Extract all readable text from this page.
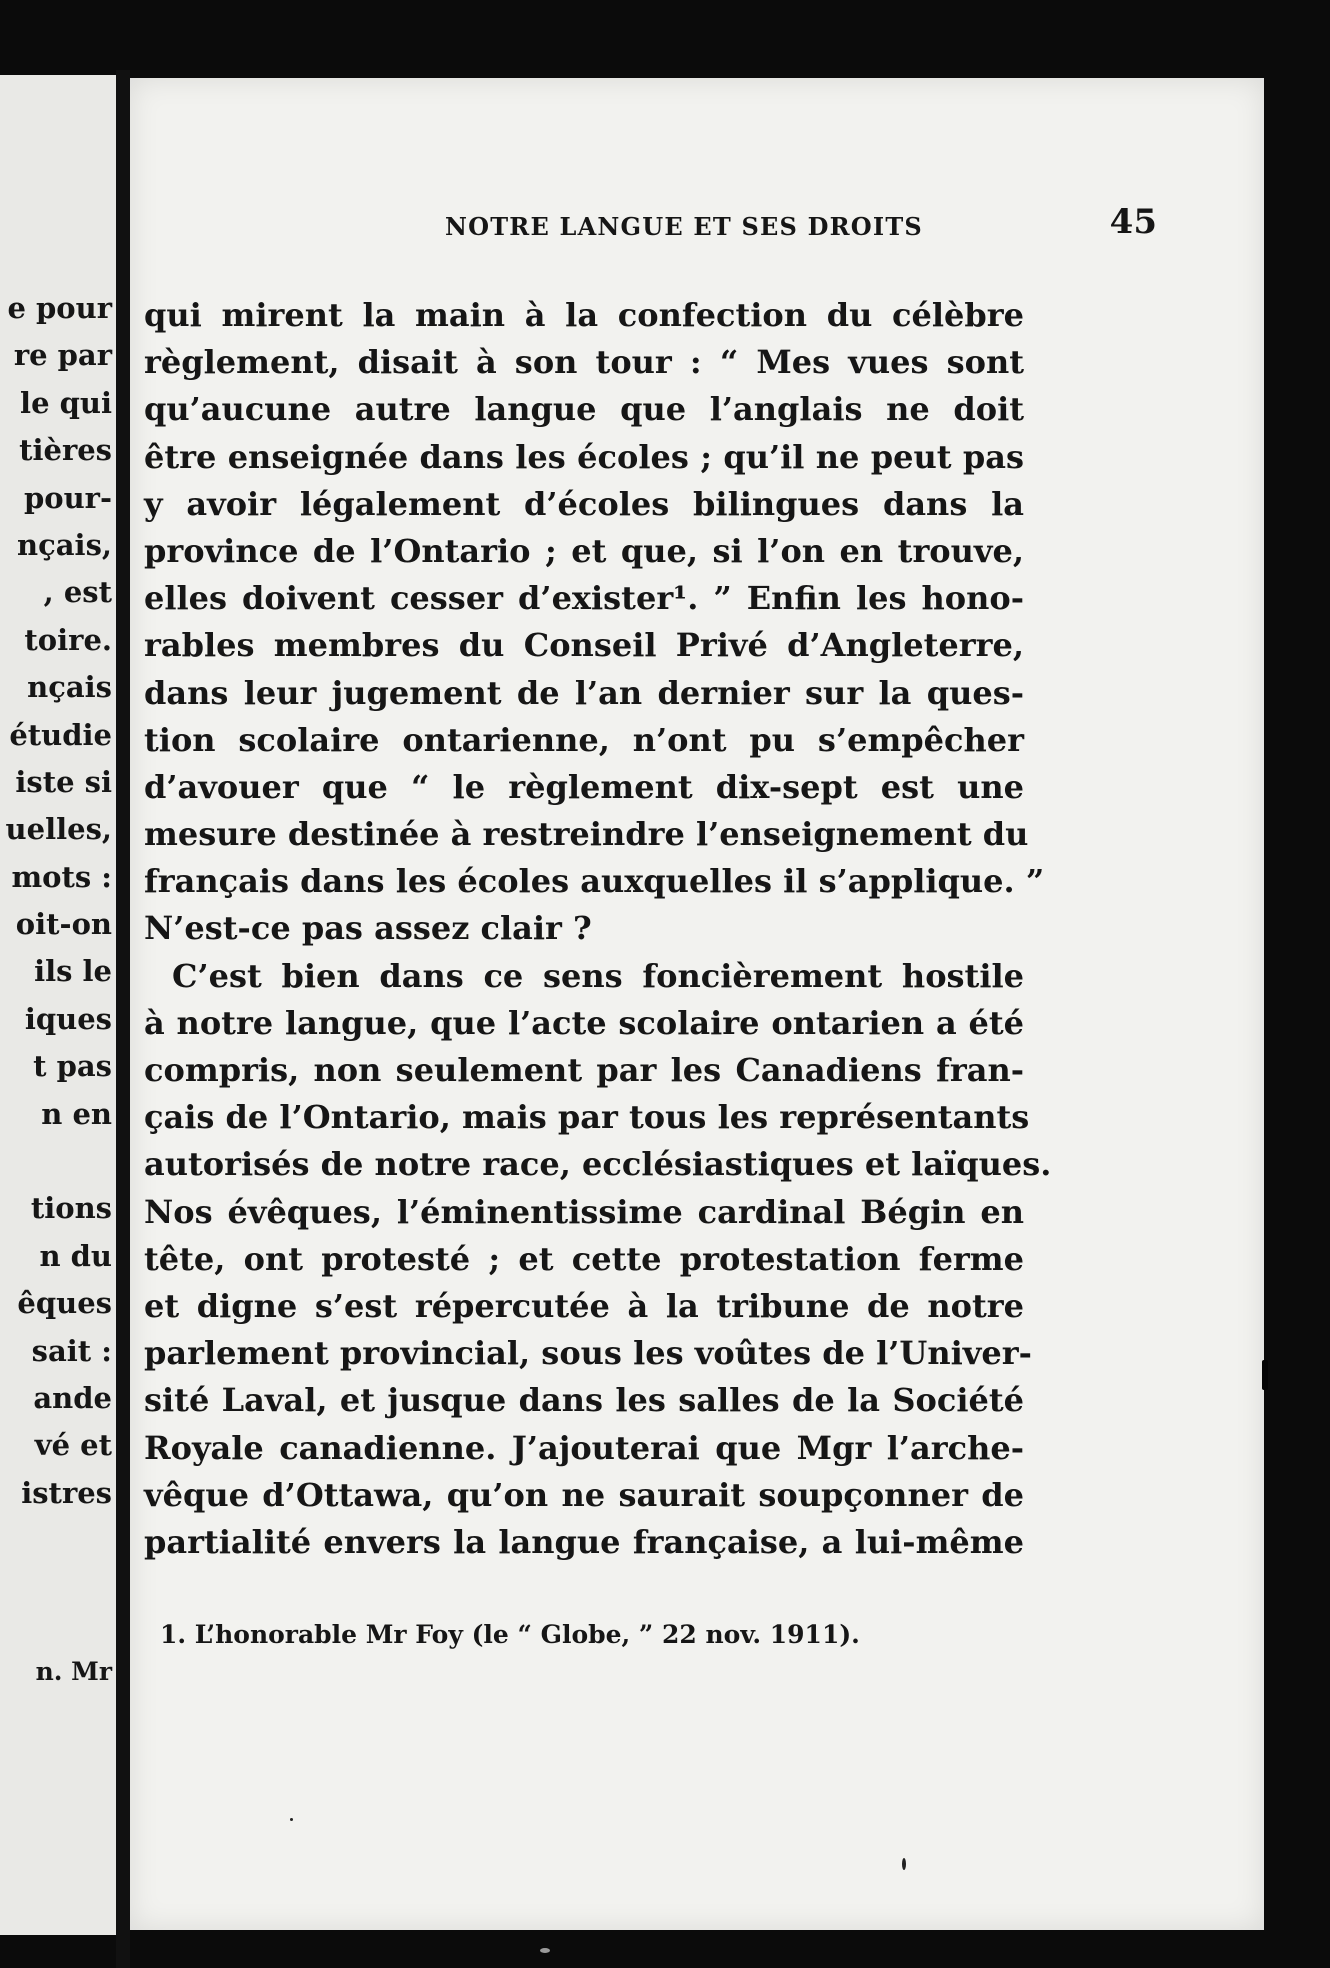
e pour
re par
le qui
tières
pour-
nçais,
, est
toire.
nçais
étudie
iste si
uelles,
mots :
oit-on
ils le
iques
t pas
n en
tions
n du
êques
sait :
ande
vé et
istres
n. Mr
NOTRE LANGUE ET SES DROITS	45
qui mirent la main à la confection du célèbre
règlement, disait à son tour : “ Mes vues sont
qu’aucune autre langue que l’anglais ne doit
être enseignée dans les écoles ; qu’il ne peut pas
y avoir légalement d’écoles bilingues dans la
province de l’Ontario ; et que, si l’on en trouve,
elles doivent cesser d’exister¹. ” Enfin les hono-
rables membres du Conseil Privé d’Angleterre,
dans leur jugement de l’an dernier sur la ques-
tion scolaire ontarienne, n’ont pu s’empêcher
d’avouer que “ le règlement dix-sept est une
mesure destinée à restreindre l’enseignement du
français dans les écoles auxquelles il s’applique. ”
N’est-ce pas assez clair ?
C’est bien dans ce sens foncièrement hostile
à notre langue, que l’acte scolaire ontarien a été
compris, non seulement par les Canadiens fran-
çais de l’Ontario, mais par tous les représentants
autorisés de notre race, ecclésiastiques et laïques.
Nos évêques, l’éminentissime cardinal Bégin en
tête, ont protesté ; et cette protestation ferme
et digne s’est répercutée à la tribune de notre
parlement provincial, sous les voûtes de l’Univer-
sité Laval, et jusque dans les salles de la Société
Royale canadienne. J’ajouterai que Mgr l’arche-
vêque d’Ottawa, qu’on ne saurait soupçonner de
partialité envers la langue française, a lui-même
1. L’honorable Mr Foy (le “ Globe, ” 22 nov. 1911).
